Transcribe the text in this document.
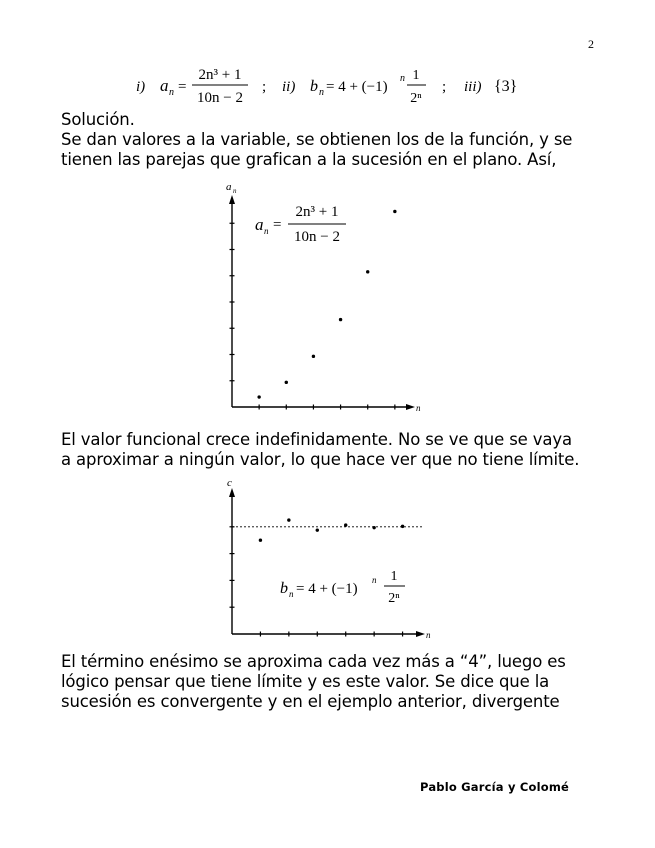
2
i) a n =
2n³ + 1
10n − 2
; ii) b n = 4 + (−1)
n 1
2ⁿ
; iii) {3}
Solución.
Se dan valores a la variable, se obtienen los de la función, y se
tienen las parejas que grafican a la sucesión en el plano. Así,
a n
n
a n =
2n³ + 1
10n − 2
El valor funcional crece indefinidamente. No se ve que se vaya
a aproximar a ningún valor, lo que hace ver que no tiene límite.
c
n
b n = 4 + (−1)
n 1
2ⁿ
El término enésimo se aproxima cada vez más a “4”, luego es
lógico pensar que tiene límite y es este valor. Se dice que la
sucesión es convergente y en el ejemplo anterior, divergente
Pablo García y Colomé
